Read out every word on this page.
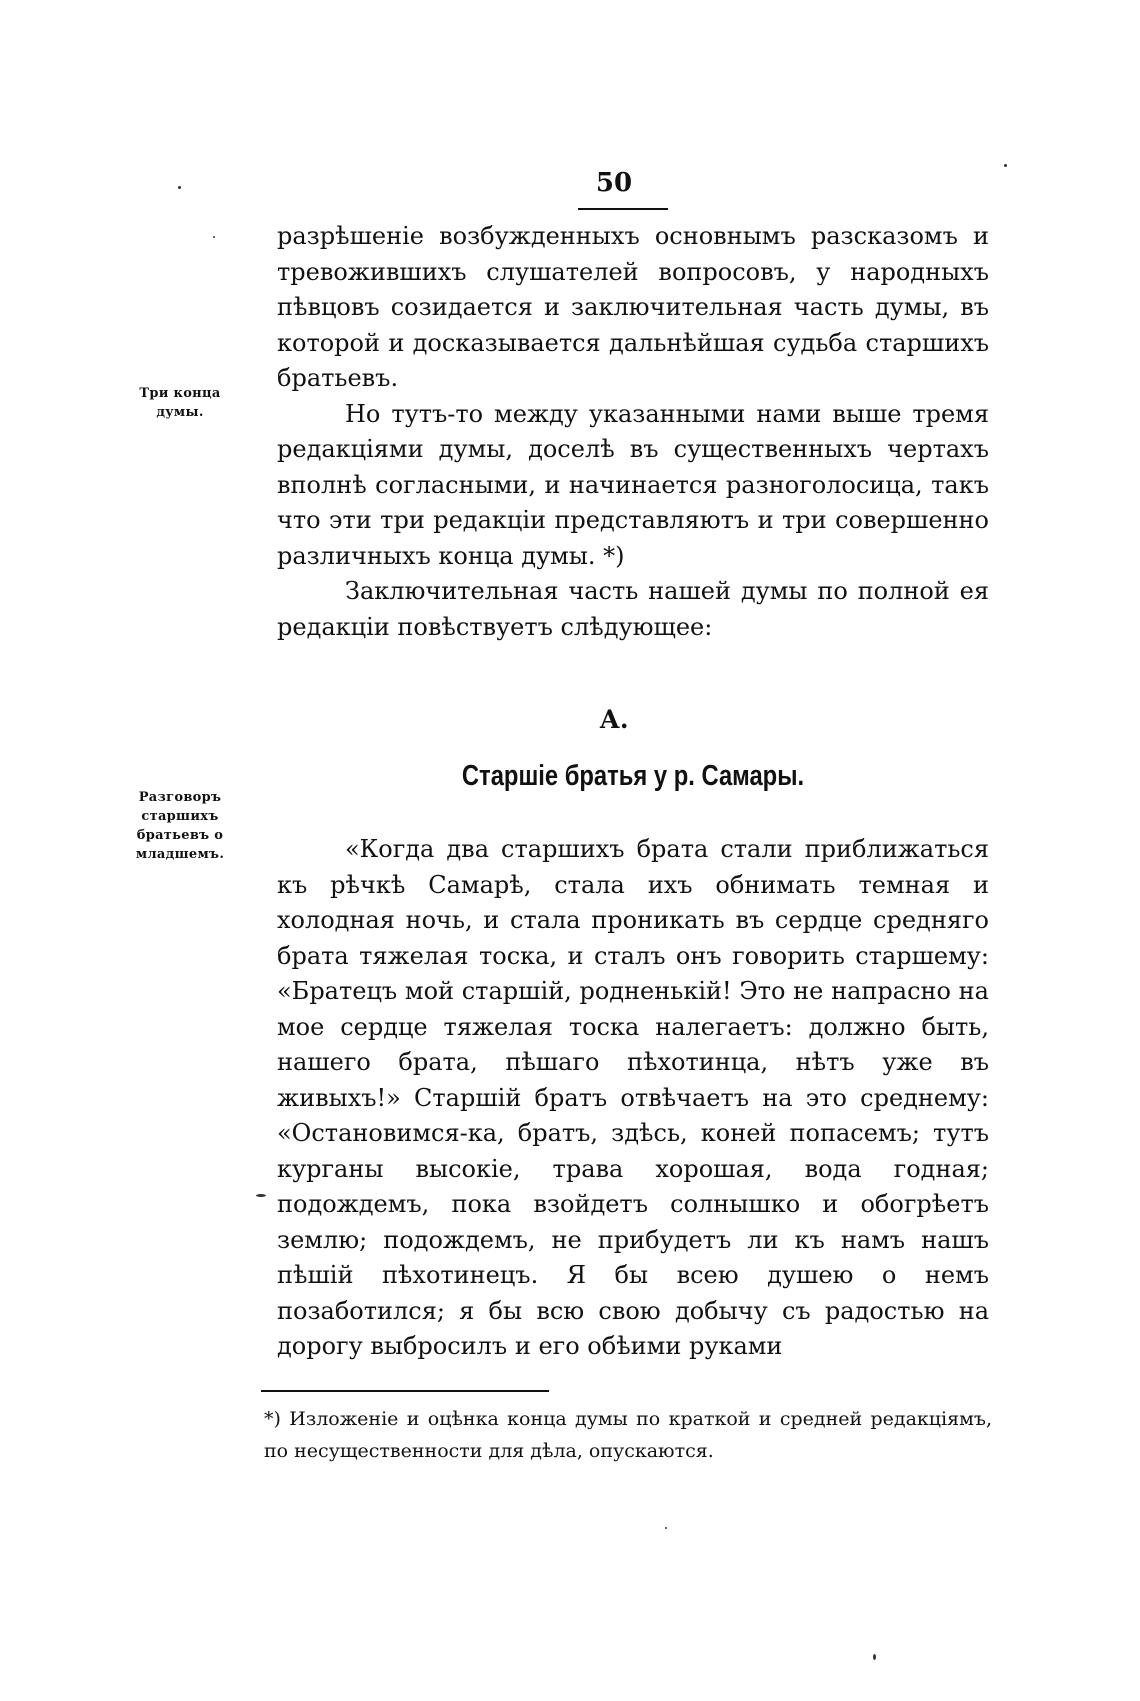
50
Три конца думы.
Разговоръ старшихъ братьевъ о младшемъ.

разрѣшеніе возбужденныхъ основнымъ разсказомъ и тревожившихъ слушателей вопросовъ, у народныхъ пѣвцовъ созидается и заключительная часть думы, въ которой и досказывается дальнѣйшая судьба старшихъ братьевъ.

Но тутъ-то между указанными нами выше тремя редакціями думы, доселѣ въ существенныхъ чертахъ вполнѣ согласными, и начинается разноголосица, такъ что эти три редакціи представляютъ и три совершенно различныхъ конца думы. *)

Заключительная часть нашей думы по полной ея редакціи повѣствуетъ слѣдующее:

А.
Старшіе братья у р. Самары.

«Когда два старшихъ брата стали приближаться къ рѣчкѣ Самарѣ, стала ихъ обнимать темная и холодная ночь, и стала проникать въ сердце средняго брата тяжелая тоска, и сталъ онъ говорить старшему: «Братецъ мой старшій, родненькій! Это не напрасно на мое сердце тяжелая тоска налегаетъ: должно быть, нашего брата, пѣшаго пѣхотинца, нѣтъ уже въ живыхъ!» Старшій братъ отвѣчаетъ на это среднему: «Остановимся-ка, братъ, здѣсь, коней попасемъ; тутъ курганы высокіе, трава хорошая, вода годная; подождемъ, пока взойдетъ солнышко и обогрѣетъ землю; подождемъ, не прибудетъ ли къ намъ нашъ пѣшій пѣхотинецъ. Я бы всею душею о немъ позаботился; я бы всю свою добычу съ радостью на дорогу выбросилъ и его обѣими руками

*) Изложеніе и оцѣнка конца думы по краткой и средней редакціямъ, по несущественности для дѣла, опускаются.
